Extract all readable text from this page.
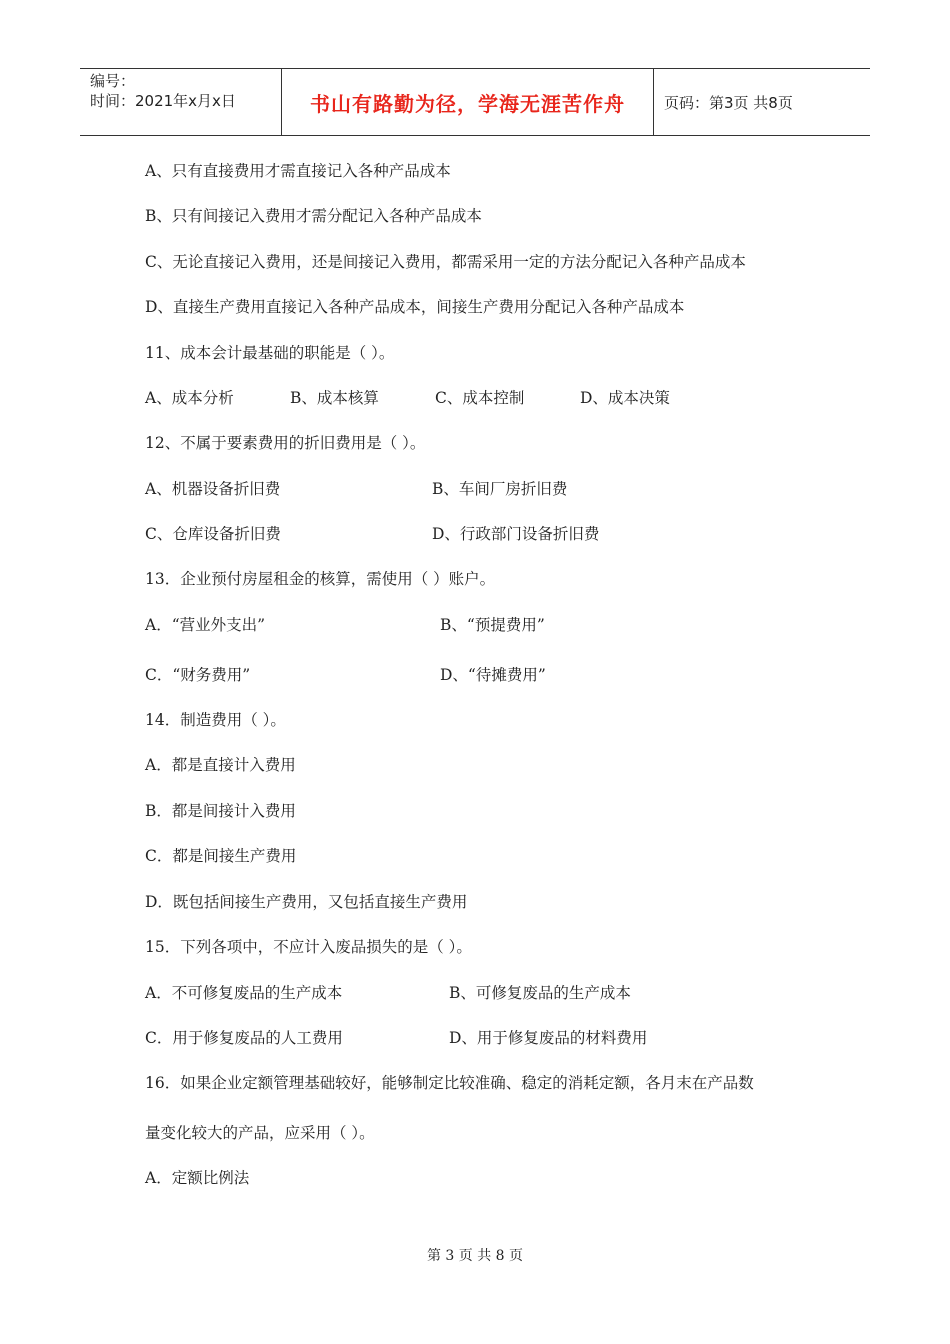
编号：
时间：2021年x月x日	书山有路勤为径，学海无涯苦作舟	页码：第3页 共8页
A、只有直接费用才需直接记入各种产品成本
B、只有间接记入费用才需分配记入各种产品成本
C、无论直接记入费用，还是间接记入费用，都需采用一定的方法分配记入各种产品成本
D、直接生产费用直接记入各种产品成本，间接生产费用分配记入各种产品成本
11、成本会计最基础的职能是（ ）。
A、成本分析	B、成本核算	C、成本控制	D、成本决策
12、不属于要素费用的折旧费用是（ ）。
A、机器设备折旧费	B、车间厂房折旧费
C、仓库设备折旧费	D、行政部门设备折旧费
13．企业预付房屋租金的核算，需使用（ ）账户。
A．“营业外支出”	B、“预提费用”
C．“财务费用”	D、“待摊费用”
14．制造费用（ ）。
A．都是直接计入费用
B．都是间接计入费用
C．都是间接生产费用
D．既包括间接生产费用，又包括直接生产费用
15．下列各项中，不应计入废品损失的是（ ）。
A．不可修复废品的生产成本	B、可修复废品的生产成本
C．用于修复废品的人工费用	D、用于修复废品的材料费用
16．如果企业定额管理基础较好，能够制定比较准确、稳定的消耗定额，各月末在产品数
量变化较大的产品，应采用（ ）。
A．定额比例法
第 3 页 共 8 页
